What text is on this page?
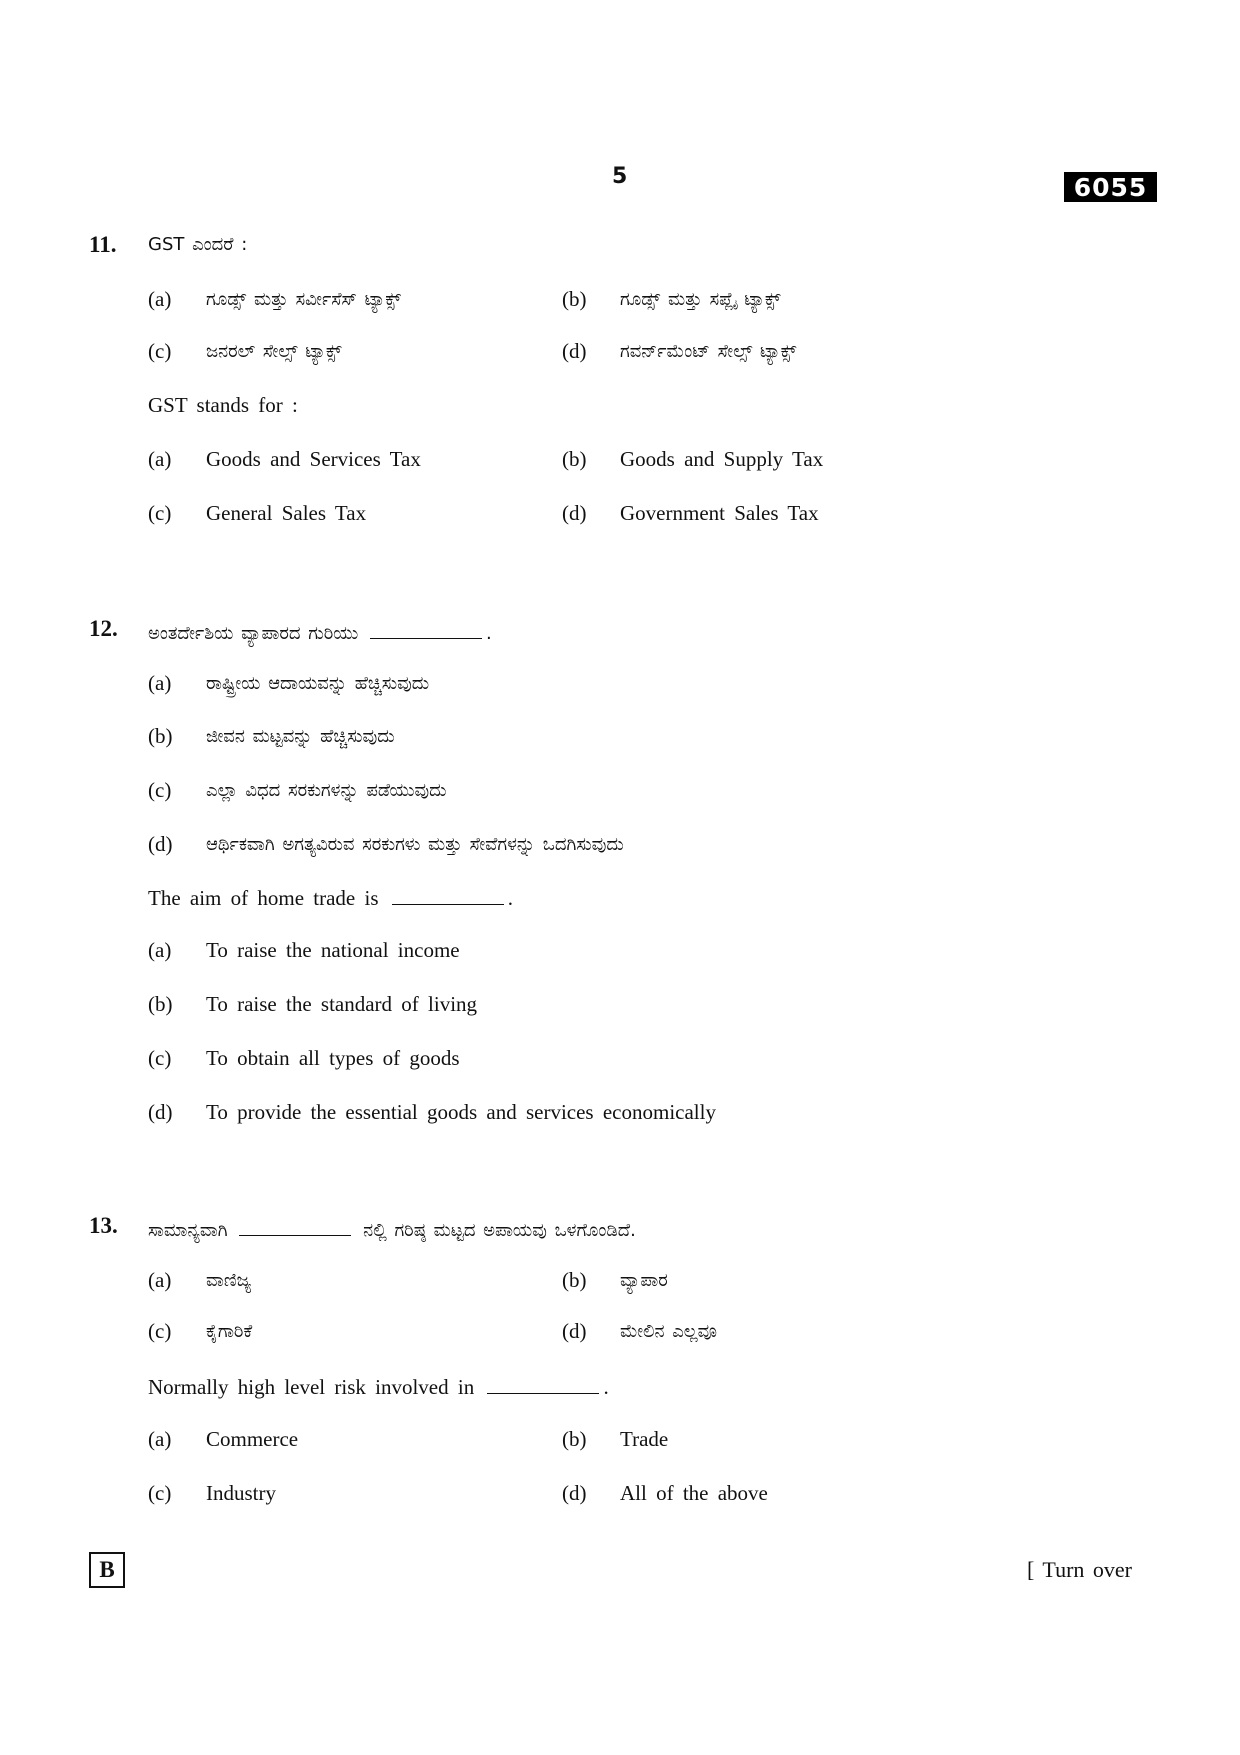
5	6055
11. GST ಎಂದರೆ :
(a) ಗೂಡ್ಸ್ ಮತ್ತು ಸರ್ವೀಸೆಸ್ ಟ್ಯಾಕ್ಸ್	(b) ಗೂಡ್ಸ್ ಮತ್ತು ಸಪ್ಲೈ ಟ್ಯಾಕ್ಸ್
(c) ಜನರಲ್ ಸೇಲ್ಸ್ ಟ್ಯಾಕ್ಸ್	(d) ಗವರ್ನ್‌ಮೆಂಟ್ ಸೇಲ್ಸ್ ಟ್ಯಾಕ್ಸ್
GST stands for :
(a) Goods and Services Tax	(b) Goods and Supply Tax
(c) General Sales Tax	(d) Government Sales Tax
12. ಅಂತರ್ದೇಶಿಯ ವ್ಯಾಪಾರದ ಗುರಿಯು	.
(a) ರಾಷ್ಟ್ರೀಯ ಆದಾಯವನ್ನು ಹೆಚ್ಚಿಸುವುದು
(b) ಜೀವನ ಮಟ್ಟವನ್ನು ಹೆಚ್ಚಿಸುವುದು
(c) ಎಲ್ಲಾ ವಿಧದ ಸರಕುಗಳನ್ನು ಪಡೆಯುವುದು
(d) ಆರ್ಥಿಕವಾಗಿ ಅಗತ್ಯವಿರುವ ಸರಕುಗಳು ಮತ್ತು ಸೇವೆಗಳನ್ನು ಒದಗಿಸುವುದು
The aim of home trade is	.
(a) To raise the national income
(b) To raise the standard of living
(c) To obtain all types of goods
(d) To provide the essential goods and services economically
13. ಸಾಮಾನ್ಯವಾಗಿ	ನಲ್ಲಿ ಗರಿಷ್ಠ ಮಟ್ಟದ ಅಪಾಯವು ಒಳಗೊಂಡಿದೆ.
(a) ವಾಣಿಜ್ಯ	(b) ವ್ಯಾಪಾರ
(c) ಕೈಗಾರಿಕೆ	(d) ಮೇಲಿನ ಎಲ್ಲವೂ
Normally high level risk involved in	.
(a) Commerce	(b) Trade
(c) Industry	(d) All of the above
B	[ Turn over
